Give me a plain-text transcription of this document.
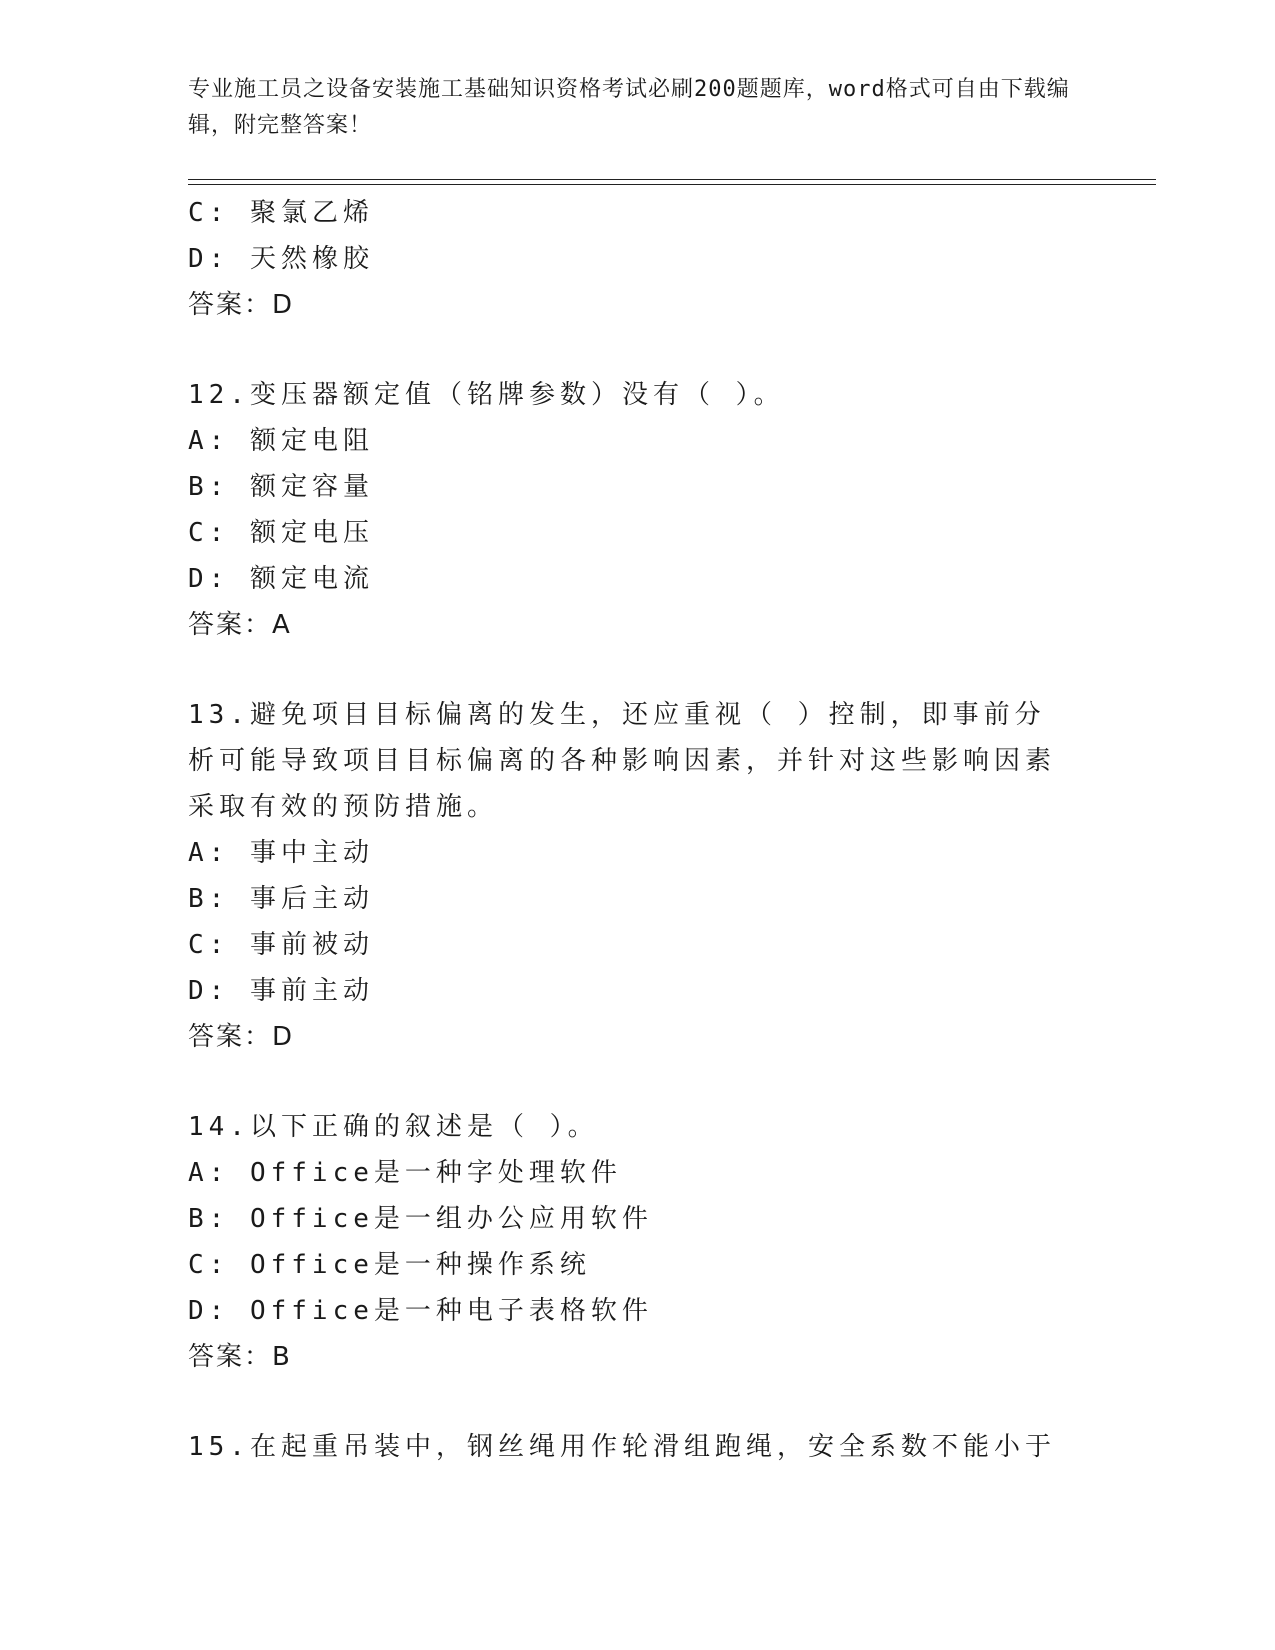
专业施工员之设备安装施工基础知识资格考试必刷200题题库，word格式可自由下载编辑，附完整答案！
C: 聚氯乙烯
D: 天然橡胶
答案：D
12.变压器额定值（铭牌参数）没有（ ）。
A: 额定电阻
B: 额定容量
C: 额定电压
D: 额定电流
答案：A
13.避免项目目标偏离的发生，还应重视（ ）控制，即事前分析可能导致项目目标偏离的各种影响因素，并针对这些影响因素采取有效的预防措施。
A: 事中主动
B: 事后主动
C: 事前被动
D: 事前主动
答案：D
14.以下正确的叙述是（ ）。
A: Office是一种字处理软件
B: Office是一组办公应用软件
C: Office是一种操作系统
D: Office是一种电子表格软件
答案：B
15.在起重吊装中，钢丝绳用作轮滑组跑绳，安全系数不能小于
